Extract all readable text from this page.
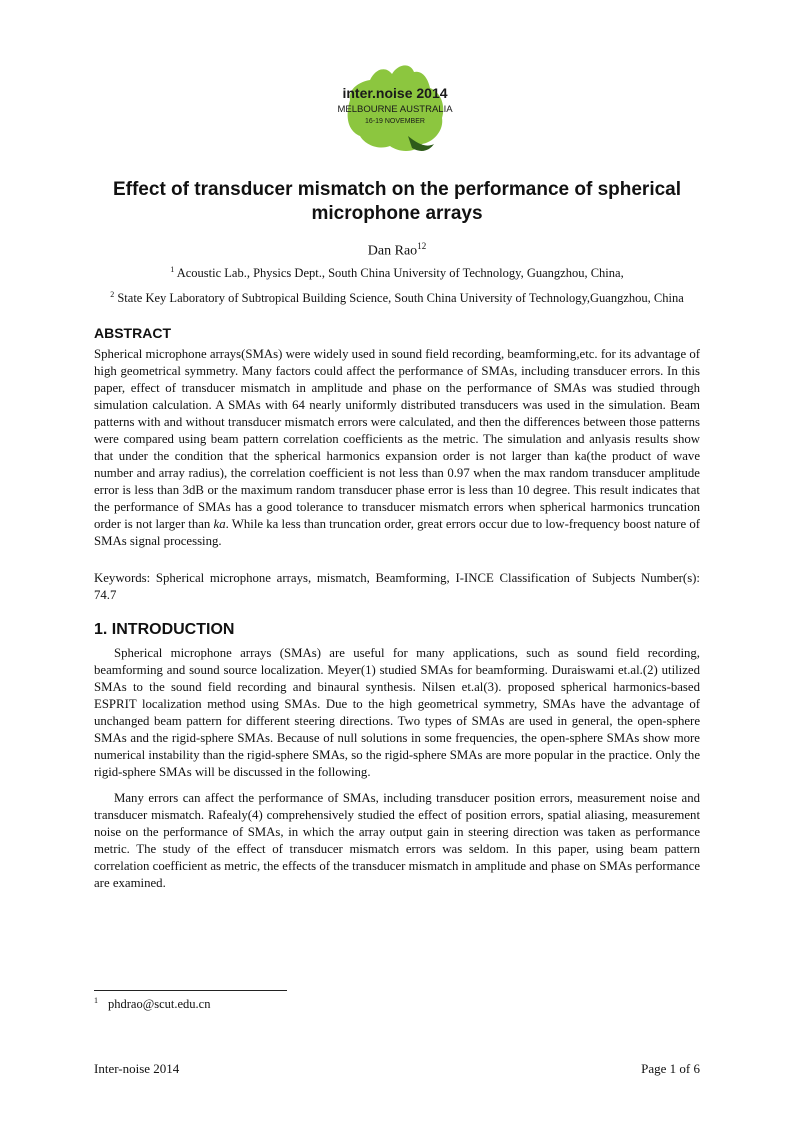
inter.noise 2014
MELBOURNE AUSTRALIA
16-19 NOVEMBER
Effect of transducer mismatch on the performance of spherical microphone arrays

Dan Rao$^{12}$

$^1$ Acoustic Lab., Physics Dept., South China University of Technology, Guangzhou, China,

$^2$ State Key Laboratory of Subtropical Building Science, South China University of Technology,Guangzhou, China

ABSTRACT

Spherical microphone arrays(SMAs) were widely used in sound field recording, beamforming,etc. for its advantage of high geometrical symmetry. Many factors could affect the performance of SMAs, including transducer errors. In this paper, effect of transducer mismatch in amplitude and phase on the performance of SMAs was studied through simulation calculation. A SMAs with 64 nearly uniformly distributed transducers was used in the simulation. Beam patterns with and without transducer mismatch errors were calculated, and then the differences between those patterns were compared using beam pattern correlation coefficients as the metric. The simulation and anlyasis results show that under the condition that the spherical harmonics expansion order is not larger than ka(the product of wave number and array radius), the correlation coefficient is not less than 0.97 when the max random transducer amplitude error is less than 3dB or the maximum random transducer phase error is less than 10 degree. This result indicates that the performance of SMAs has a good tolerance to transducer mismatch errors when spherical harmonics truncation order is not larger than ka. While ka less than truncation order, great errors occur due to low-frequency boost nature of SMAs signal processing.

Keywords: Spherical microphone arrays, mismatch, Beamforming, I-INCE Classification of Subjects Number(s): 74.7

1. INTRODUCTION

Spherical microphone arrays (SMAs) are useful for many applications, such as sound field recording, beamforming and sound source localization. Meyer(1) studied SMAs for beamforming. Duraiswami et.al.(2) utilized SMAs to the sound field recording and binaural synthesis. Nilsen et.al(3). proposed spherical harmonics-based ESPRIT localization method using SMAs. Due to the high geometrical symmetry, SMAs have the advantage of unchanged beam pattern for different steering directions. Two types of SMAs are used in general, the open-sphere SMAs and the rigid-sphere SMAs. Because of null solutions in some frequencies, the open-sphere SMAs show more numerical instability than the rigid-sphere SMAs, so the rigid-sphere SMAs are more popular in the practice. Only the rigid-sphere SMAs will be discussed in the following.

Many errors can affect the performance of SMAs, including transducer position errors, measurement noise and transducer mismatch. Rafealy(4) comprehensively studied the effect of position errors, spatial aliasing, measurement noise on the performance of SMAs, in which the array output gain in steering direction was taken as performance metric. The study of the effect of transducer mismatch errors was seldom. In this paper, using beam pattern correlation coefficient as metric, the effects of the transducer mismatch in amplitude and phase on SMAs performance are examined.

$^1$ phdrao@scut.edu.cn

Inter-noise 2014	Page 1 of 6
